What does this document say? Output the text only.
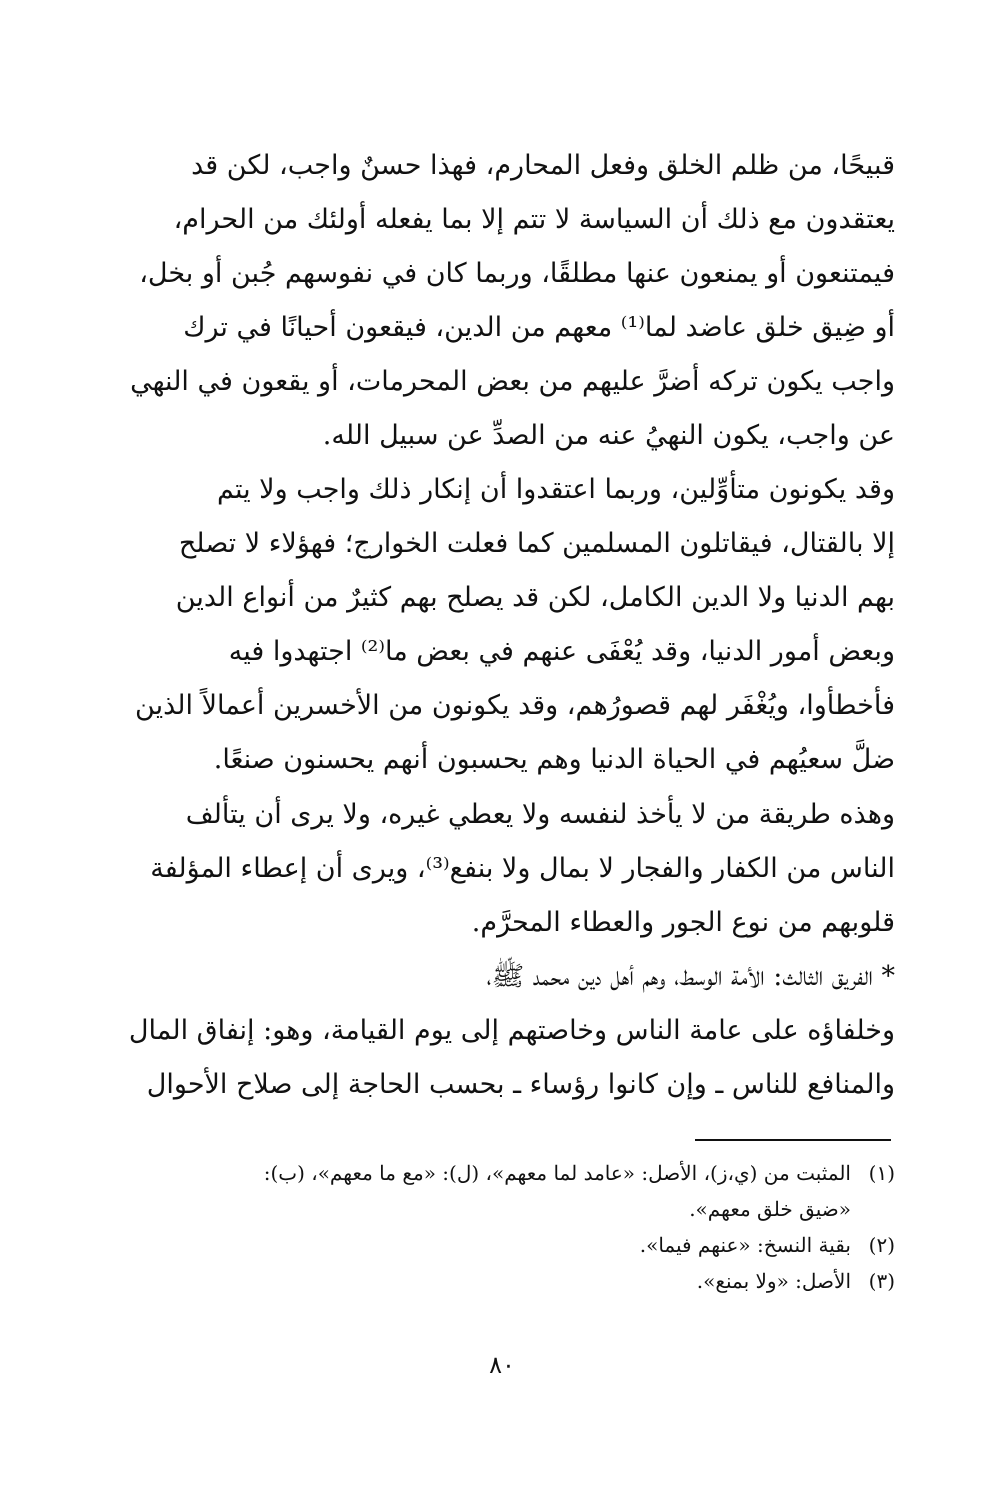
قبيحًا، من ظلم الخلق وفعل المحارم، فهذا حسنٌ واجب، لكن قد
يعتقدون مع ذلك أن السياسة لا تتم إلا بما يفعله أولئك من الحرام،
فيمتنعون أو يمنعون عنها مطلقًا، وربما كان في نفوسهم جُبن أو بخل،
أو ضِيق خلق عاضد لما⁽¹⁾ معهم من الدين، فيقعون أحيانًا في ترك
واجب يكون تركه أضرَّ عليهم من بعض المحرمات، أو يقعون في النهي
عن واجب، يكون النهيُ عنه من الصدِّ عن سبيل الله.
وقد يكونون متأوِّلين، وربما اعتقدوا أن إنكار ذلك واجب ولا يتم
إلا بالقتال، فيقاتلون المسلمين كما فعلت الخوارج؛ فهؤلاء لا تصلح
بهم الدنيا ولا الدين الكامل، لكن قد يصلح بهم كثيرٌ من أنواع الدين
وبعض أمور الدنيا، وقد يُعْفَى عنهم في بعض ما⁽²⁾ اجتهدوا فيه
فأخطأوا، ويُغْفَر لهم قصورُهم، وقد يكونون من الأخسرين أعمالاً الذين
ضلَّ سعيُهم في الحياة الدنيا وهم يحسبون أنهم يحسنون صنعًا.
وهذه طريقة من لا يأخذ لنفسه ولا يعطي غيره، ولا يرى أن يتألف
الناس من الكفار والفجار لا بمال ولا بنفع⁽³⁾، ويرى أن إعطاء المؤلفة
قلوبهم من نوع الجور والعطاء المحرَّم.
* الفريق الثالث: الأمة الوسط، وهم أهل دين محمد ﷺ،
وخلفاؤه على عامة الناس وخاصتهم إلى يوم القيامة، وهو: إنفاق المال
والمنافع للناس ـ وإن كانوا رؤساء ـ بحسب الحاجة إلى صلاح الأحوال
(١)المثبت من (ي،ز)، الأصل: «عامد لما معهم»، (ل): «مع ما معهم»، (ب):
«ضيق خلق معهم».
(٢)بقية النسخ: «عنهم فيما».
(٣)الأصل: «ولا بمنع».
٨٠
